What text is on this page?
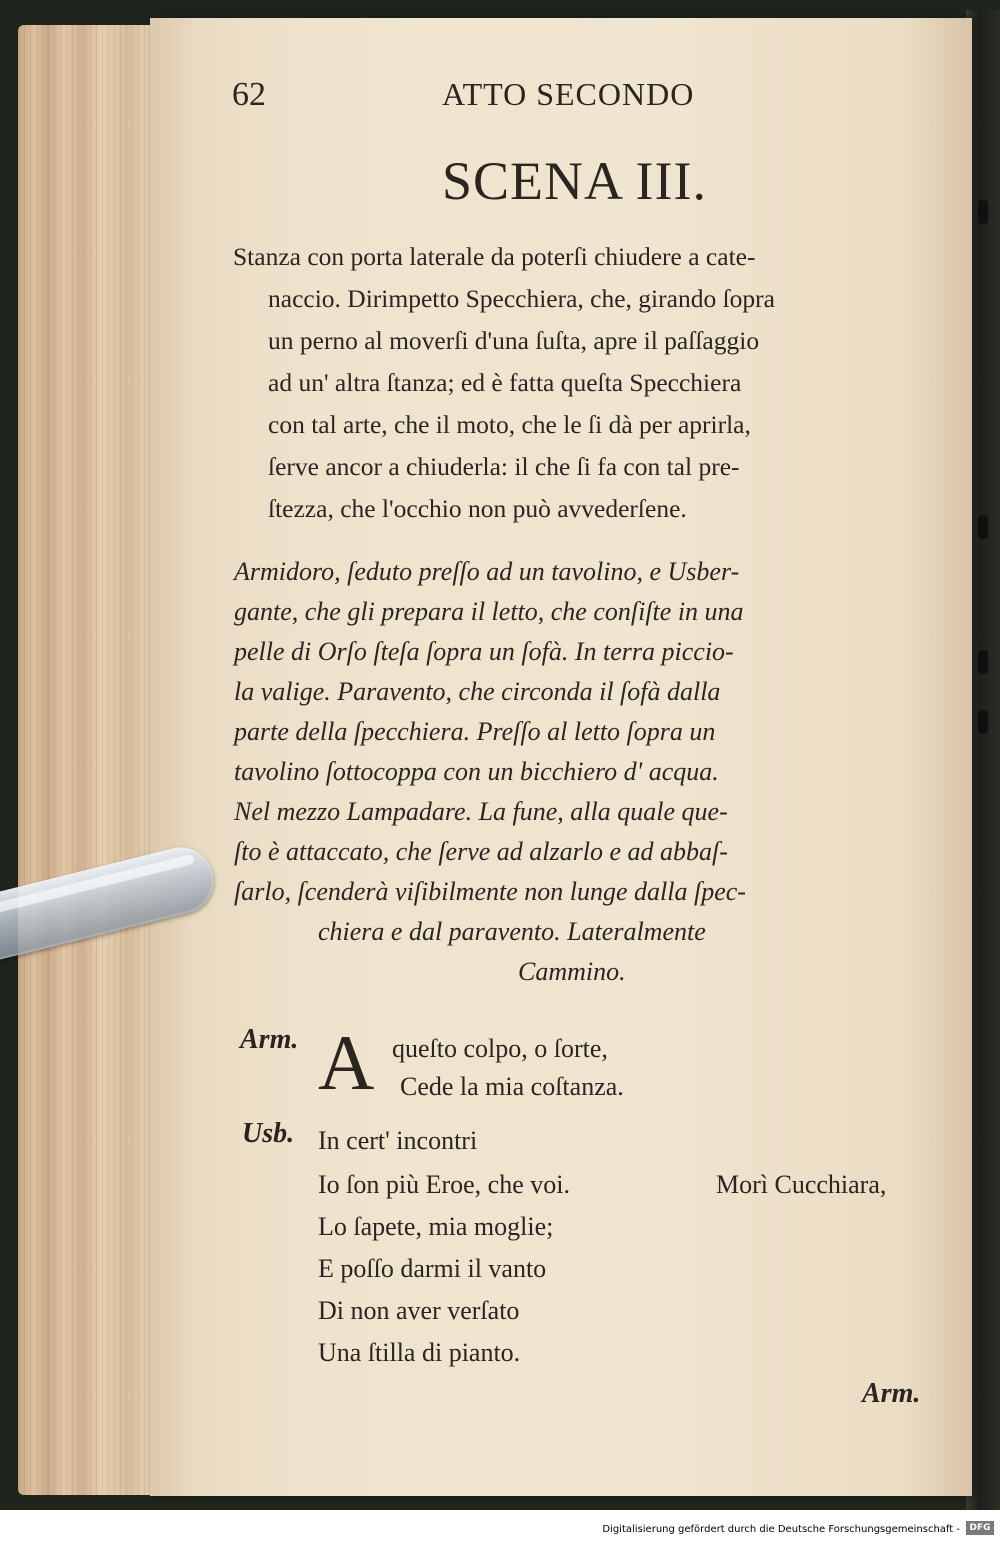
62	ATTO SECONDO
SCENA III.
Stanza con porta laterale da poterſi chiudere a cate-
naccio. Dirimpetto Specchiera, che, girando ſopra
un perno al moverſi d'una ſuſta, apre il paſſaggio
ad un' altra ſtanza; ed è fatta queſta Specchiera
con tal arte, che il moto, che le ſi dà per aprirla,
ſerve ancor a chiuderla: il che ſi fa con tal pre-
ſtezza, che l'occhio non può avvederſene.
Armidoro, ſeduto preſſo ad un tavolino, e Usber-
gante, che gli prepara il letto, che conſiſte in una
pelle di Orſo ſteſa ſopra un ſofà. In terra piccio-
la valige. Paravento, che circonda il ſofà dalla
parte della ſpecchiera. Preſſo al letto ſopra un
tavolino ſottocoppa con un bicchiero d' acqua.
Nel mezzo Lampadare. La fune, alla quale que-
ſto è attaccato, che ſerve ad alzarlo e ad abbaſ-
ſarlo, ſcenderà viſibilmente non lunge dalla ſpec-
chiera e dal paravento. Lateralmente
Cammino.
Arm. A queſto colpo, o ſorte,
Cede la mia coſtanza.
Usb. In cert' incontri
Io ſon più Eroe, che voi.	Morì Cucchiara,
Lo ſapete, mia moglie;
E poſſo darmi il vanto
Di non aver verſato
Una ſtilla di pianto.
Arm.
Digitalisierung gefördert durch die Deutsche Forschungsgemeinschaft -	DFG
